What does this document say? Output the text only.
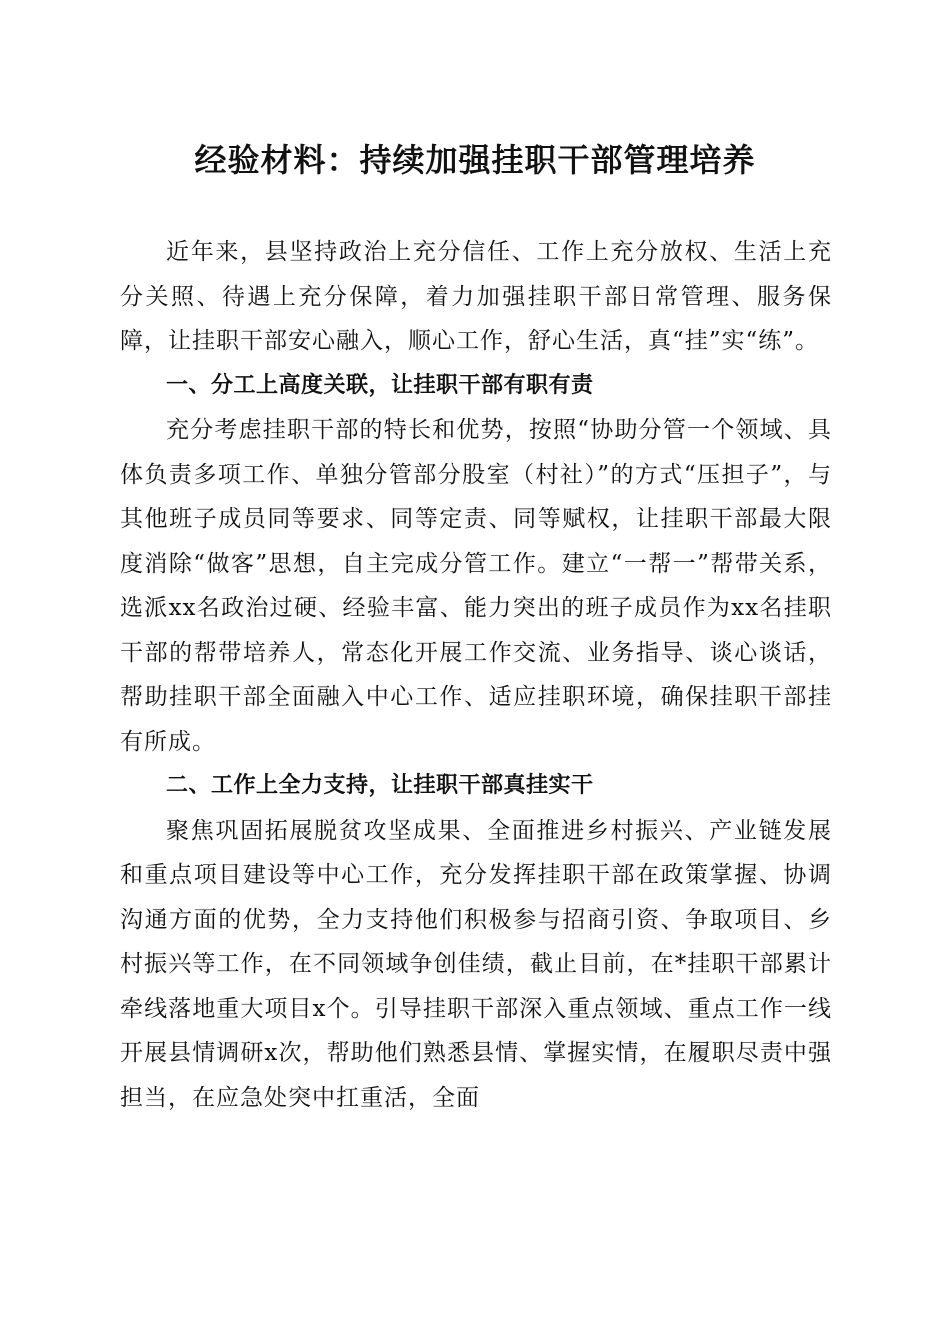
经验材料：持续加强挂职干部管理培养

近年来，县坚持政治上充分信任、工作上充分放权、生活上充分关照、待遇上充分保障，着力加强挂职干部日常管理、服务保障，让挂职干部安心融入，顺心工作，舒心生活，真“挂”实“练”。

一、分工上高度关联，让挂职干部有职有责

充分考虑挂职干部的特长和优势，按照“协助分管一个领域、具体负责多项工作、单独分管部分股室（村社）”的方式“压担子”，与其他班子成员同等要求、同等定责、同等赋权，让挂职干部最大限度消除“做客”思想，自主完成分管工作。建立“一帮一”帮带关系，选派xx名政治过硬、经验丰富、能力突出的班子成员作为xx名挂职干部的帮带培养人，常态化开展工作交流、业务指导、谈心谈话，帮助挂职干部全面融入中心工作、适应挂职环境，确保挂职干部挂有所成。

二、工作上全力支持，让挂职干部真挂实干

聚焦巩固拓展脱贫攻坚成果、全面推进乡村振兴、产业链发展和重点项目建设等中心工作，充分发挥挂职干部在政策掌握、协调沟通方面的优势，全力支持他们积极参与招商引资、争取项目、乡村振兴等工作，在不同领域争创佳绩，截止目前，在*挂职干部累计牵线落地重大项目x个。引导挂职干部深入重点领域、重点工作一线开展县情调研x次，帮助他们熟悉县情、掌握实情，在履职尽责中强担当，在应急处突中扛重活，全面
